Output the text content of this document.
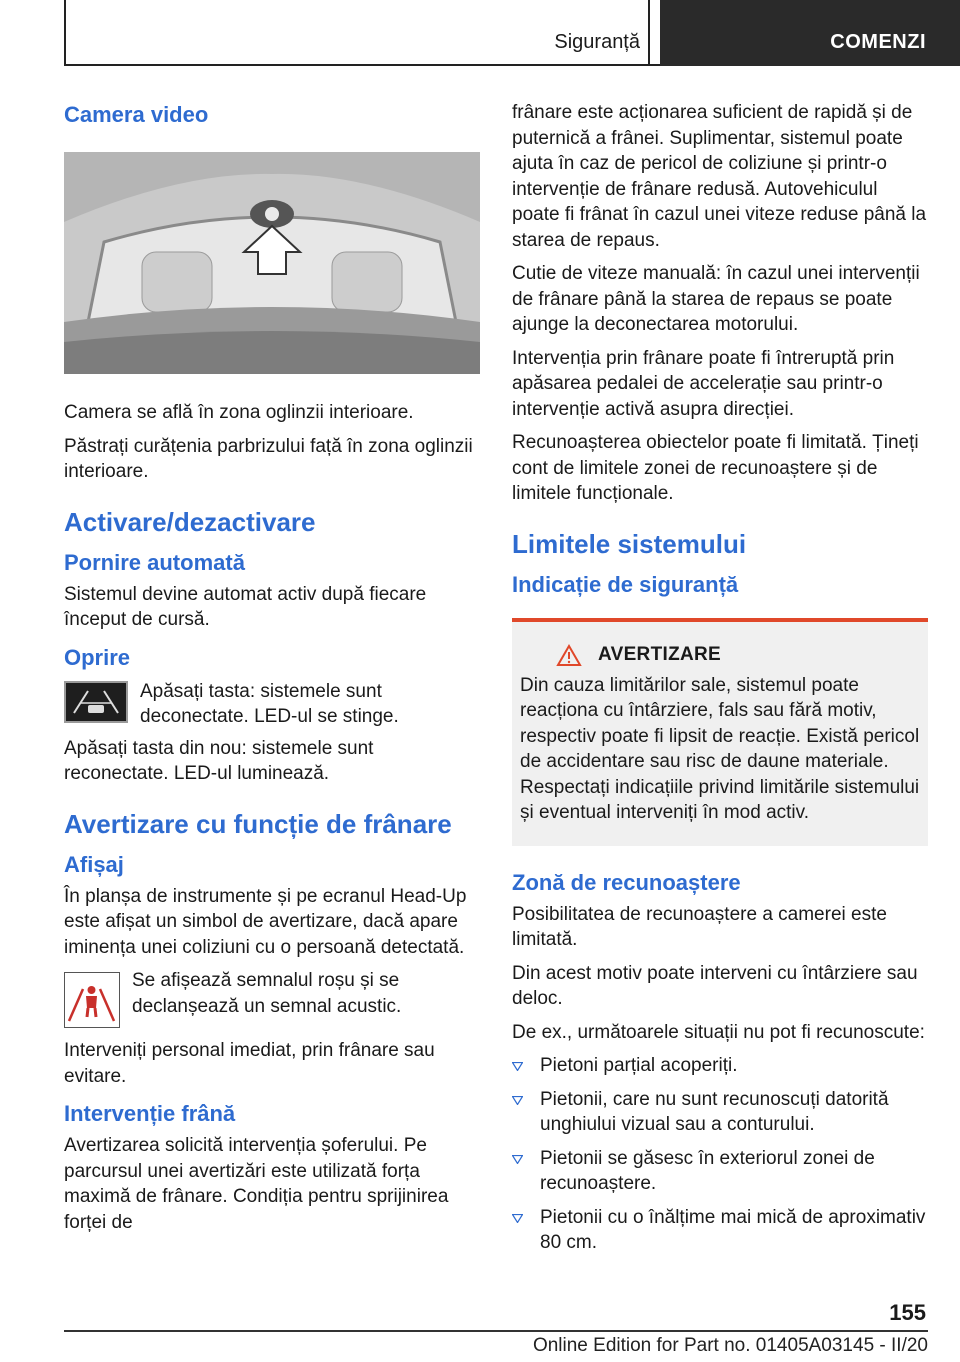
Siguranță	COMENZI
Camera video

Camera se află în zona oglinzii interioare.

Păstrați curățenia parbrizului față în zona oglinzii interioare.

Activare/dezactivare
Pornire automată

Sistemul devine automat activ după fiecare început de cursă.

Oprire

Apăsați tasta: sistemele sunt deconectate. LED-ul se stinge.

Apăsați tasta din nou: sistemele sunt reconectate. LED-ul luminează.

Avertizare cu funcție de frânare
Afișaj

În planșa de instrumente și pe ecranul Head-Up este afișat un simbol de avertizare, dacă apare iminența unei coliziuni cu o persoană detectată.

Se afișează semnalul roșu și se declanșează un semnal acustic.

Interveniți personal imediat, prin frânare sau evitare.

Intervenție frână

Avertizarea solicită intervenția șoferului. Pe parcursul unei avertizări este utilizată forța maximă de frânare. Condiția pentru sprijinirea forței de

frânare este acționarea suficient de rapidă și de puternică a frânei. Suplimentar, sistemul poate ajuta în caz de pericol de coliziune și printr-o intervenție de frânare redusă. Autovehiculul poate fi frânat în cazul unei viteze reduse până la starea de repaus.

Cutie de viteze manuală: în cazul unei intervenții de frânare până la starea de repaus se poate ajunge la deconectarea motorului.

Intervenția prin frânare poate fi întreruptă prin apăsarea pedalei de accelerație sau printr-o intervenție activă asupra direcției.

Recunoașterea obiectelor poate fi limitată. Țineți cont de limitele zonei de recunoaștere și de limitele funcționale.

Limitele sistemului
Indicație de siguranță
AVERTIZARE

Din cauza limitărilor sale, sistemul poate reacționa cu întârziere, fals sau fără motiv, respectiv poate fi lipsit de reacție. Există pericol de accidentare sau risc de daune materiale. Respectați indicațiile privind limitările sistemului și eventual interveniți în mod activ.

Zonă de recunoaștere

Posibilitatea de recunoaștere a camerei este limitată.

Din acest motiv poate interveni cu întârziere sau deloc.

De ex., următoarele situații nu pot fi recunoscute:

Pietoni parțial acoperiți.
Pietonii, care nu sunt recunoscuți datorită unghiului vizual sau a conturului.
Pietonii se găsesc în exteriorul zonei de recunoaștere.
Pietonii cu o înălțime mai mică de aproximativ 80 cm.
155
Online Edition for Part no. 01405A03145 - II/20
